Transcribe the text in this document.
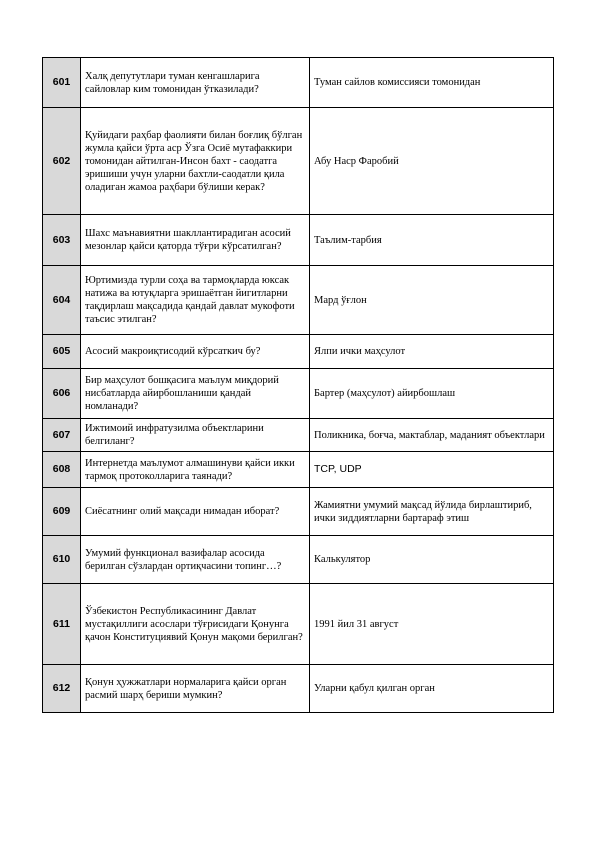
601	Халқ депутутлари туман кенгашларига сайловлар ким томонидан ўтказилади?	Туман сайлов комиссияси томонидан
602	Қуйидаги раҳбар фаолияти билан боғлиқ бўлган жумла қайси ўрта аср Ўзга Осиё мутафаккири томонидан айтилган-Инсон бахт - саодатга эришиши учун уларни бахтли-саодатли қила оладиган жамоа раҳбари бўлиши керак?	Абу Наср Фаробий
603	Шахс маънавиятни шакллантирадиган асосий мезонлар қайси қаторда тўғри кўрсатилган?	Таълим-тарбия
604	Юртимизда турли соҳа ва тармоқларда юксак натижа ва ютуқларга эришаётган йигитларни тақдирлаш мақсадида қандай давлат мукофоти таъсис этилган?	Мард ўғлон
605	Асосий макроиқтисодий кўрсаткич бу?	Ялпи ички маҳсулот
606	Бир маҳсулот бошқасига маълум миқдорий нисбатларда айирбошланиши қандай номланади?	Бартер (маҳсулот) айирбошлаш
607	Ижтимоий инфратузилма объектларини белгиланг?	Поликника, боғча, мактаблар, маданият объектлари
608	Интернетда маълумот алмашинуви қайси икки тармоқ протоколларига таянади?	TCP, UDP
609	Сиёсатнинг олий мақсади нимадан иборат?	Жамиятни умумий мақсад йўлида бирлаштириб, ички зиддиятларни бартараф этиш
610	Умумий функционал вазифалар асосида берилган сўзлардан ортиқчасини топинг…?	Калькулятор
611	Ўзбекистон Республикасининг Давлат мустақиллиги асослари тўғрисидаги Қонунга қачон Конституциявий Қонун мақоми берилган?	1991 йил 31 август
612	Қонун ҳужжатлари нормаларига қайси орган расмий шарҳ бериши мумкин?	Уларни қабул қилган орган
